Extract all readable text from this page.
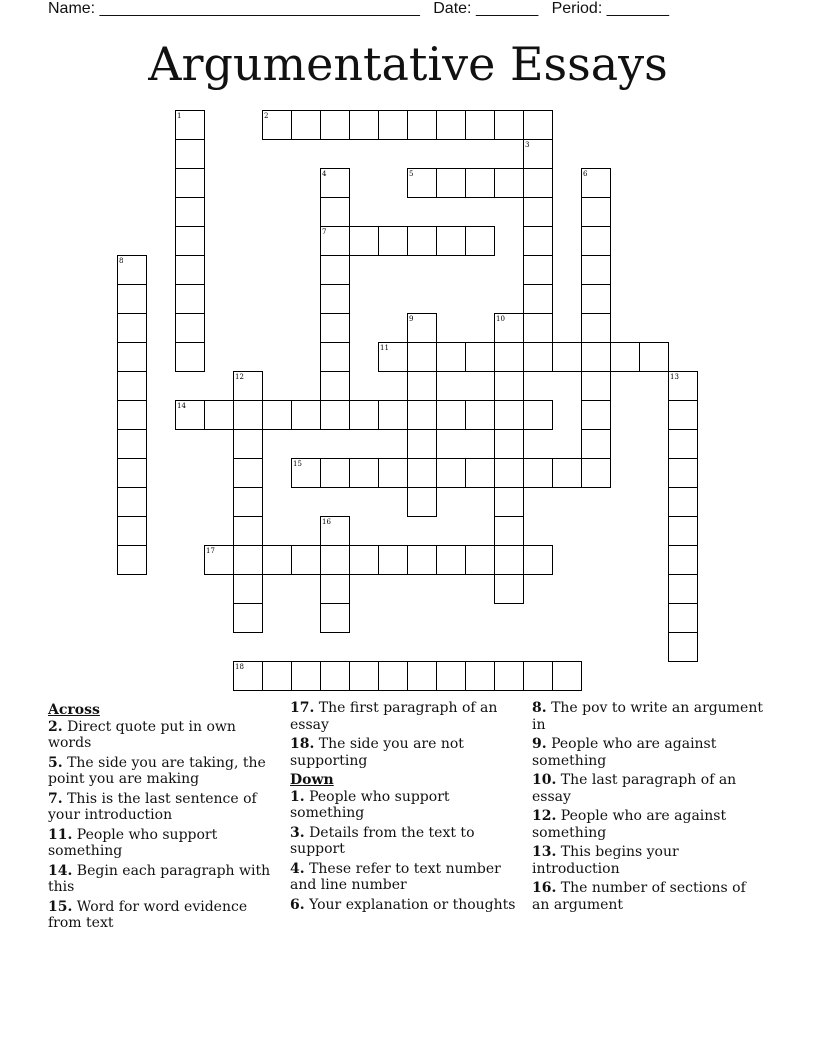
Name: ____________________________________   Date: _______   Period: _______
Argumentative Essays
1	2
3
4	5	6
7
8
9	10
11
12	13
14
15
16
17
18
Across
2. Direct quote put in own words
5. The side you are taking, the point you are making
7. This is the last sentence of your introduction
11. People who support something
14. Begin each paragraph with this
15. Word for word evidence from text
17. The first paragraph of an essay
18. The side you are not supporting
Down
1. People who support something
3. Details from the text to support
4. These refer to text number and line number
6. Your explanation or thoughts
8. The pov to write an argument in
9. People who are against something
10. The last paragraph of an essay
12. People who are against something
13. This begins your introduction
16. The number of sections of an argument
